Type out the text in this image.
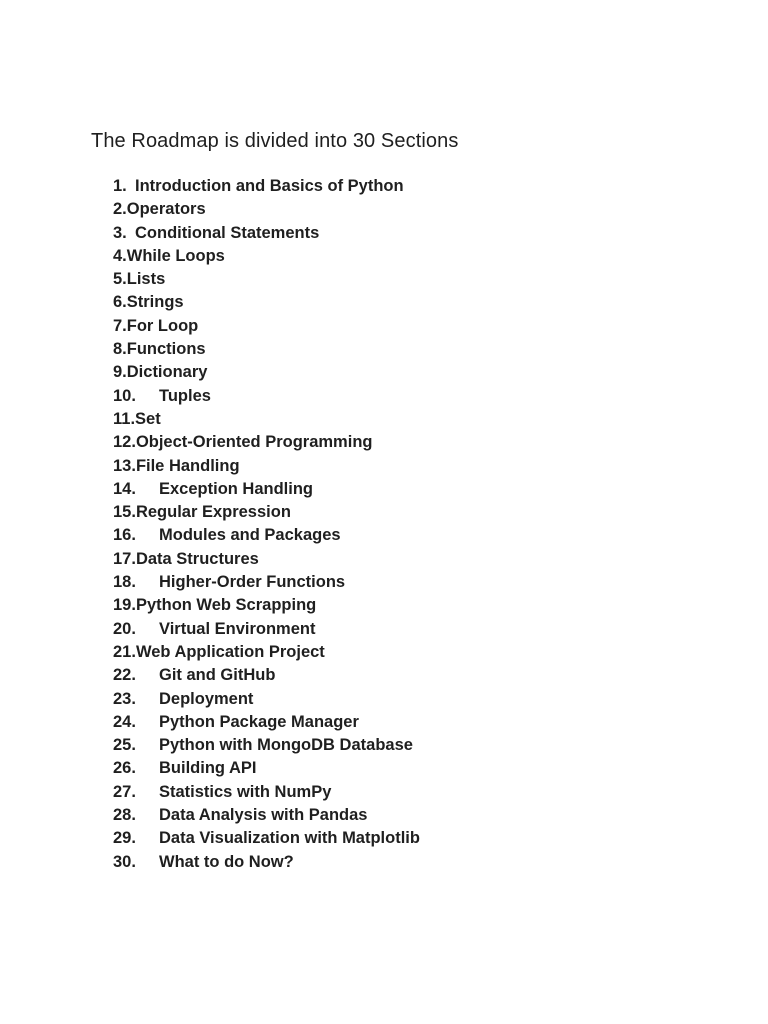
The Roadmap is divided into 30 Sections
1. Introduction and Basics of Python
2.Operators
3. Conditional Statements
4.While Loops
5.Lists
6.Strings
7.For Loop
8.Functions
9.Dictionary
10. Tuples
11.Set
12.Object-Oriented Programming
13.File Handling
14. Exception Handling
15.Regular Expression
16. Modules and Packages
17.Data Structures
18. Higher-Order Functions
19.Python Web Scrapping
20. Virtual Environment
21.Web Application Project
22. Git and GitHub
23. Deployment
24. Python Package Manager
25. Python with MongoDB Database
26. Building API
27. Statistics with NumPy
28. Data Analysis with Pandas
29. Data Visualization with Matplotlib
30. What to do Now?
